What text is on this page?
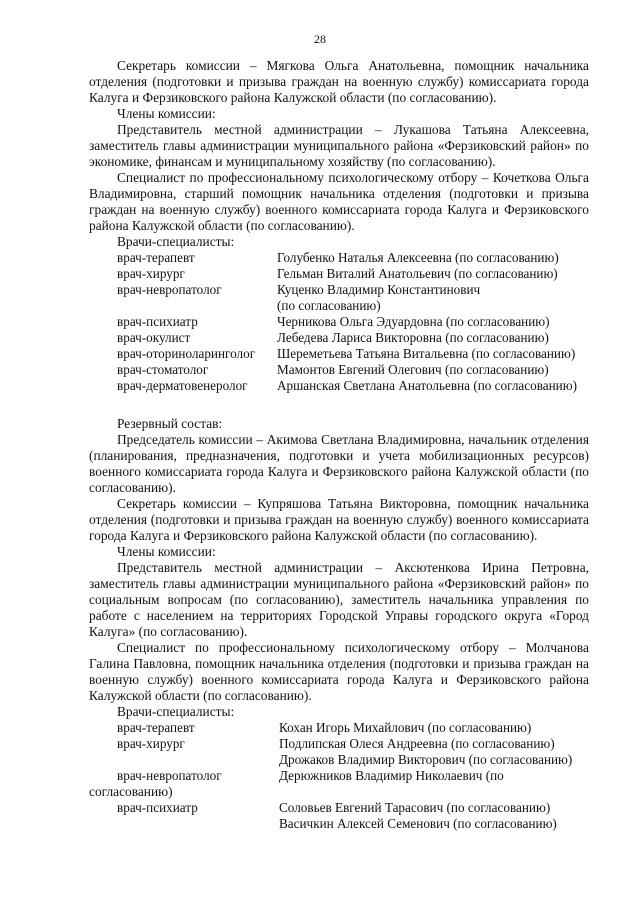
28

Секретарь комиссии – Мягкова Ольга Анатольевна, помощник начальника отделения (подготовки и призыва граждан на военную службу) комиссариата города Калуга и Ферзиковского района Калужской области (по согласованию).

Члены комиссии:

Представитель местной администрации – Лукашова Татьяна Алексеевна, заместитель главы администрации муниципального района «Ферзиковский район» по экономике, финансам и муниципальному хозяйству (по согласованию).

Специалист по профессиональному психологическому отбору – Кочеткова Ольга Владимировна, старший помощник начальника отделения (подготовки и призыва граждан на военную службу) военного комиссариата города Калуга и Ферзиковского района Калужской области (по согласованию).

Врачи-специалисты:

врач-терапевт	Голубенко Наталья Алексеевна (по согласованию)
врач-хирург	Гельман Виталий Анатольевич (по согласованию)
врач-невропатолог	Куценко Владимир Константинович
	(по согласованию)
врач-психиатр	Черникова Ольга Эдуардовна (по согласованию)
врач-окулист	Лебедева Лариса Викторовна (по согласованию)
врач-оториноларинголог	Шереметьева Татьяна Витальевна (по согласованию)
врач-стоматолог	Мамонтов Евгений Олегович (по согласованию)
врач-дерматовенеролог	Аршанская Светлана Анатольевна (по согласованию)

Резервный состав:

Председатель комиссии – Акимова Светлана Владимировна, начальник отделения (планирования, предназначения, подготовки и учета мобилизационных ресурсов) военного комиссариата города Калуга и Ферзиковского района Калужской области (по согласованию).

Секретарь комиссии – Купряшова Татьяна Викторовна, помощник начальника отделения (подготовки и призыва граждан на военную службу) военного комиссариата города Калуга и Ферзиковского района Калужской области (по согласованию).

Члены комиссии:

Представитель местной администрации – Аксютенкова Ирина Петровна, заместитель главы администрации муниципального района «Ферзиковский район» по социальным вопросам (по согласованию), заместитель начальника управления по работе с населением на территориях Городской Управы городского округа «Город Калуга» (по согласованию).

Специалист по профессиональному психологическому отбору – Молчанова Галина Павловна, помощник начальника отделения (подготовки и призыва граждан на военную службу) военного комиссариата города Калуга и Ферзиковского района Калужской области (по согласованию).

Врачи-специалисты:

врач-терапевт	Кохан Игорь Михайлович (по согласованию)
врач-хирург	Подлипская Олеся Андреевна (по согласованию)
	Дрожаков Владимир Викторович (по согласованию)
врач-невропатолог	Дерюжников Владимир Николаевич (по

согласованию)

врач-психиатр	Соловьев Евгений Тарасович (по согласованию)
	Васичкин Алексей Семенович (по согласованию)
